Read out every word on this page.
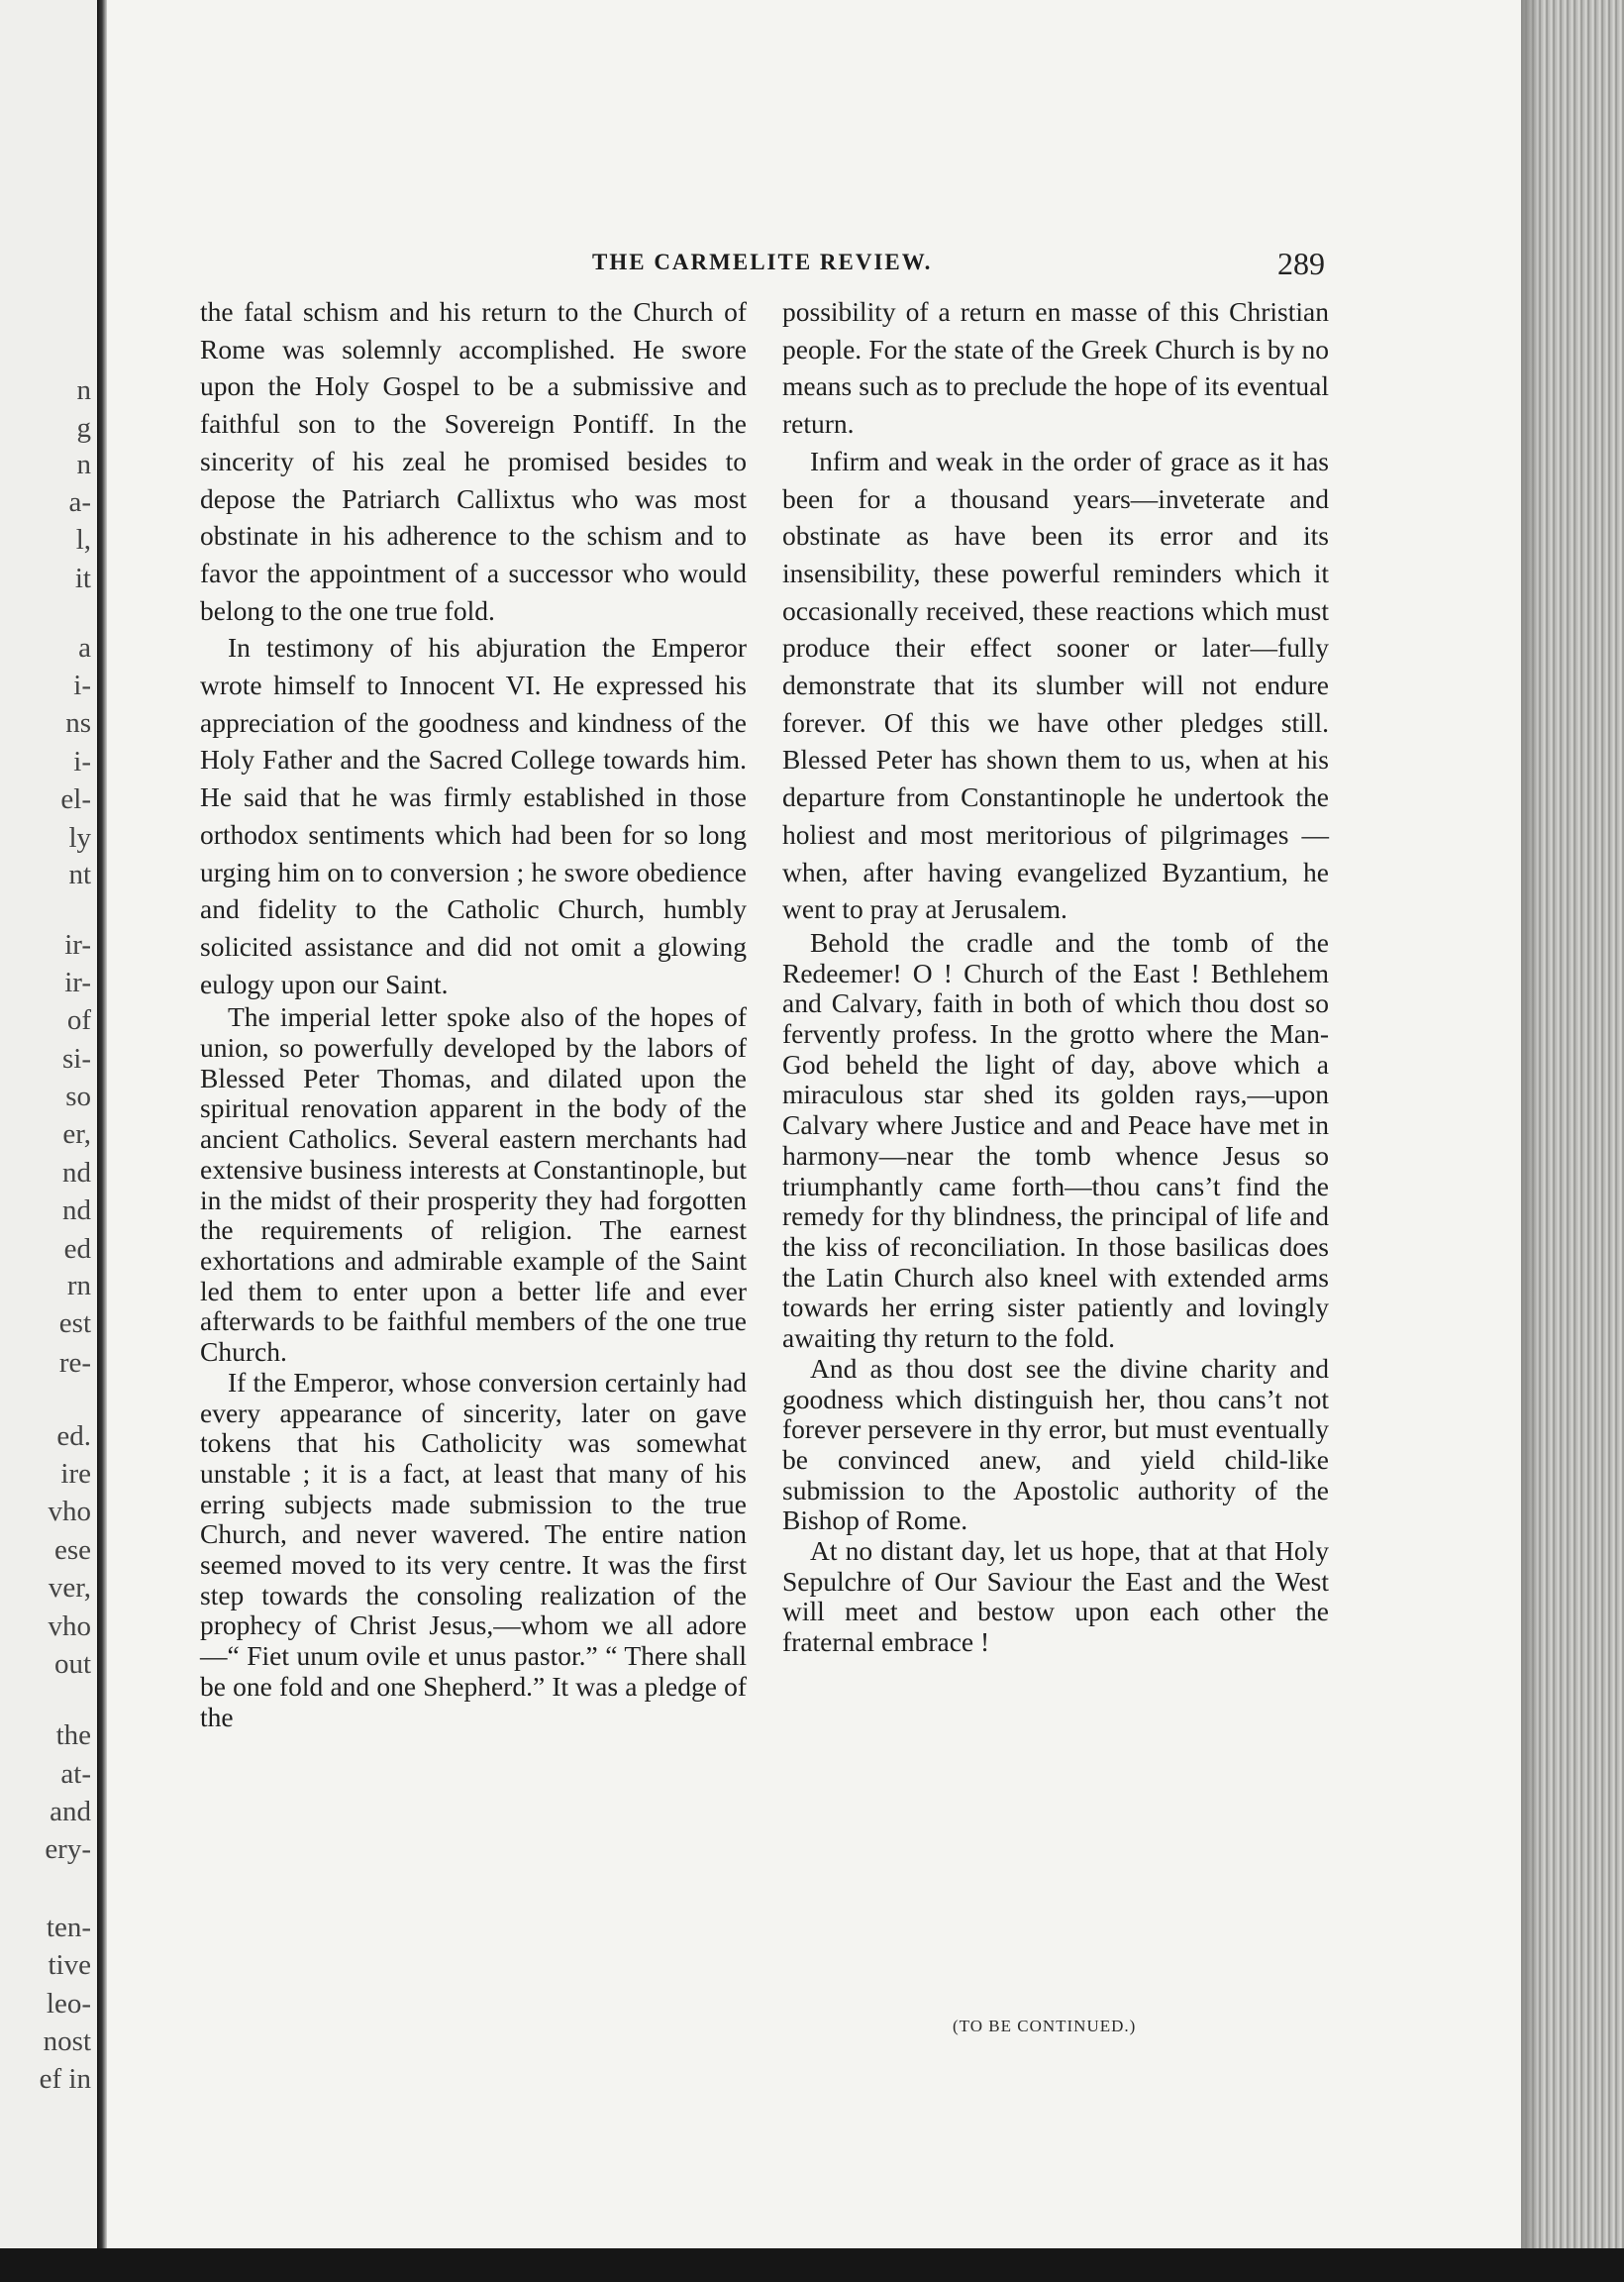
n
g
n
a-
l,
it
a
i-
ns
i-
el-
ly
nt
ir-
ir-
of
si-
so
er,
nd
nd
ed
rn
est
re-
ed.
ire
vho
ese
ver,
vho
out
the
at-
and
ery-
ten-
tive
leo-
nost
ef in
THE CARMELITE REVIEW.	289

the fatal schism and his return to the Church of Rome was solemnly accomplished. He swore upon the Holy Gospel to be a submissive and faithful son to the Sovereign Pontiff. In the sincerity of his zeal he promised besides to depose the Patriarch Callixtus who was most obstinate in his adherence to the schism and to favor the appointment of a successor who would belong to the one true fold.

In testimony of his abjuration the Emperor wrote himself to Innocent VI. He expressed his appreciation of the goodness and kindness of the Holy Father and the Sacred College towards him. He said that he was firmly established in those orthodox sentiments which had been for so long urging him on to conversion ; he swore obedience and fidelity to the Catholic Church, humbly solicited assistance and did not omit a glowing eulogy upon our Saint.

The imperial letter spoke also of the hopes of union, so powerfully developed by the labors of Blessed Peter Thomas, and dilated upon the spiritual renovation apparent in the body of the ancient Catholics. Several eastern merchants had extensive business interests at Constantinople, but in the midst of their prosperity they had forgotten the requirements of religion. The earnest exhortations and admirable example of the Saint led them to enter upon a better life and ever afterwards to be faithful members of the one true Church.

If the Emperor, whose conversion certainly had every appearance of sincerity, later on gave tokens that his Catholicity was somewhat unstable ; it is a fact, at least that many of his erring subjects made submission to the true Church, and never wavered. The entire nation seemed moved to its very centre. It was the first step towards the consoling realization of the prophecy of Christ Jesus,—whom we all adore—“ Fiet unum ovile et unus pastor.” “ There shall be one fold and one Shepherd.” It was a pledge of the

possibility of a return en masse of this Christian people. For the state of the Greek Church is by no means such as to preclude the hope of its eventual return.

Infirm and weak in the order of grace as it has been for a thousand years—inveterate and obstinate as have been its error and its insensibility, these powerful reminders which it occasionally received, these reactions which must produce their effect sooner or later—fully demonstrate that its slumber will not endure forever. Of this we have other pledges still. Blessed Peter has shown them to us, when at his departure from Constantinople he undertook the holiest and most meritorious of pilgrimages — when, after having evangelized Byzantium, he went to pray at Jerusalem.

Behold the cradle and the tomb of the Redeemer! O ! Church of the East ! Bethlehem and Calvary, faith in both of which thou dost so fervently profess. In the grotto where the Man-God beheld the light of day, above which a miraculous star shed its golden rays,—upon Calvary where Justice and and Peace have met in harmony—near the tomb whence Jesus so triumphantly came forth—thou cans’t find the remedy for thy blindness, the principal of life and the kiss of reconciliation. In those basilicas does the Latin Church also kneel with extended arms towards her erring sister patiently and lovingly awaiting thy return to the fold.

And as thou dost see the divine charity and goodness which distinguish her, thou cans’t not forever persevere in thy error, but must eventually be convinced anew, and yield child-like submission to the Apostolic authority of the Bishop of Rome.

At no distant day, let us hope, that at that Holy Sepulchre of Our Saviour the East and the West will meet and bestow upon each other the fraternal embrace !

(TO BE CONTINUED.)
